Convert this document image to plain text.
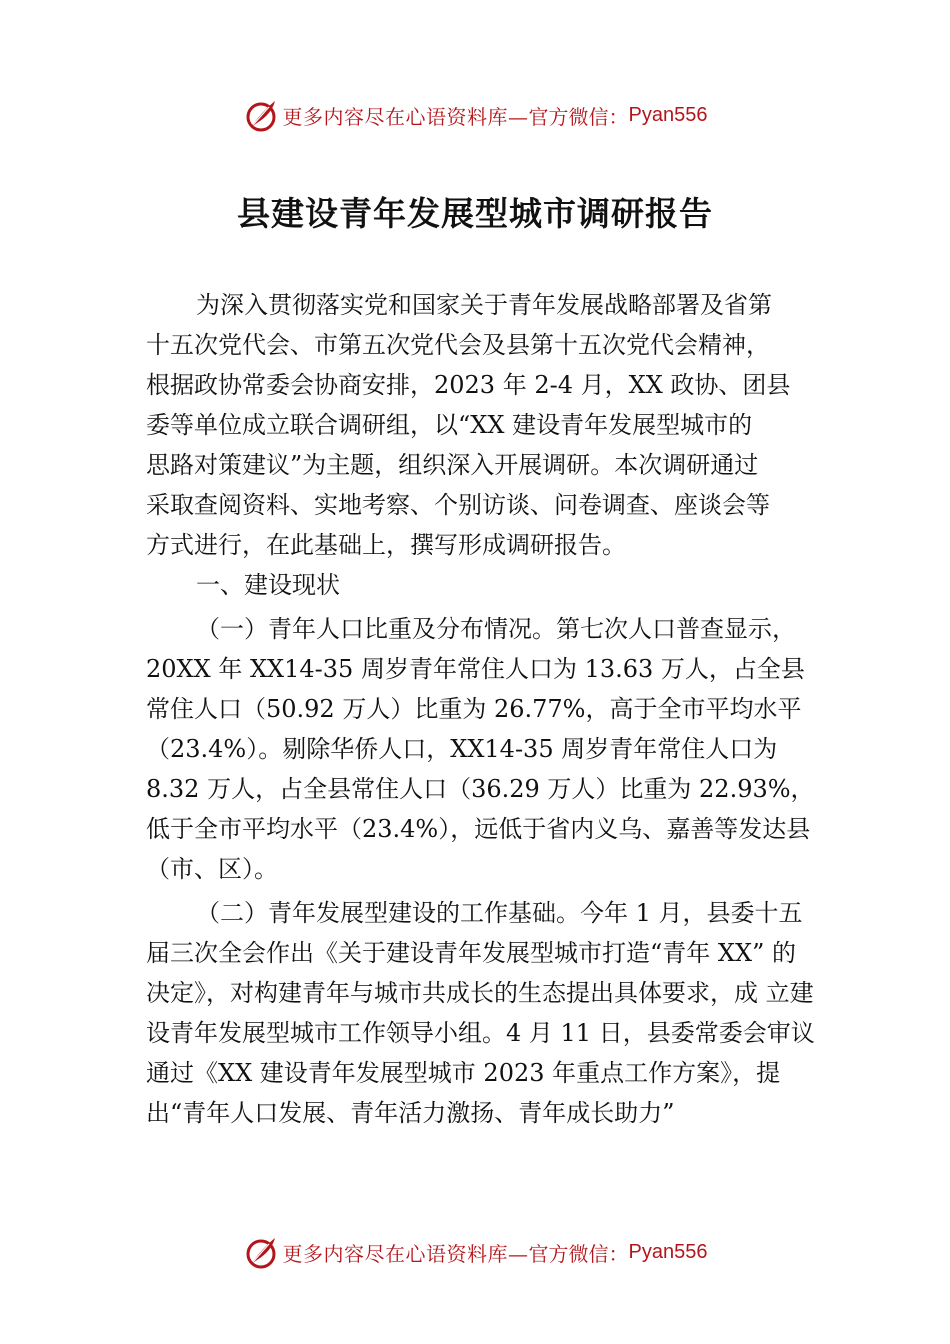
更多内容尽在心语资料库— 官方微信： Pyan556
县建设青年发展型城市调研报告
为深入贯彻落实党和国家关于青年发展战略部署及省第
十五次党代会、市第五次党代会及县第十五次党代会精神，
根据政协常委会协商安排，2023 年 2-4 月，XX 政协、团县
委等单位成立联合调研组，以“XX 建设青年发展型城市的
思路对策建议”为主题，组织深入开展调研。本次调研通过
采取查阅资料、实地考察、个别访谈、问卷调查、座谈会等
方式进行，在此基础上，撰写形成调研报告。
一、建设现状
（一）青年人口比重及分布情况。第七次人口普查显示，
20XX 年 XX14-35 周岁青年常住人口为 13.63 万人，占全县
常住人口（50.92 万人）比重为 26.77%，高于全市平均水平
（23.4%）。剔除华侨人口，XX14-35 周岁青年常住人口为
8.32 万人，占全县常住人口（36.29 万人）比重为 22.93%，
低于全市平均水平（23.4%），远低于省内义乌、嘉善等发达县
（市、区）。
（二）青年发展型建设的工作基础。今年 1 月，县委十五
届三次全会作出《关于建设青年发展型城市打造“青年 XX” 的
决定》，对构建青年与城市共成长的生态提出具体要求，成 立建
设青年发展型城市工作领导小组。4 月 11 日，县委常委会审议
通过《XX 建设青年发展型城市 2023 年重点工作方案》，提
出“青年人口发展、青年活力激扬、青年成长助力”
更多内容尽在心语资料库— 官方微信： Pyan556
